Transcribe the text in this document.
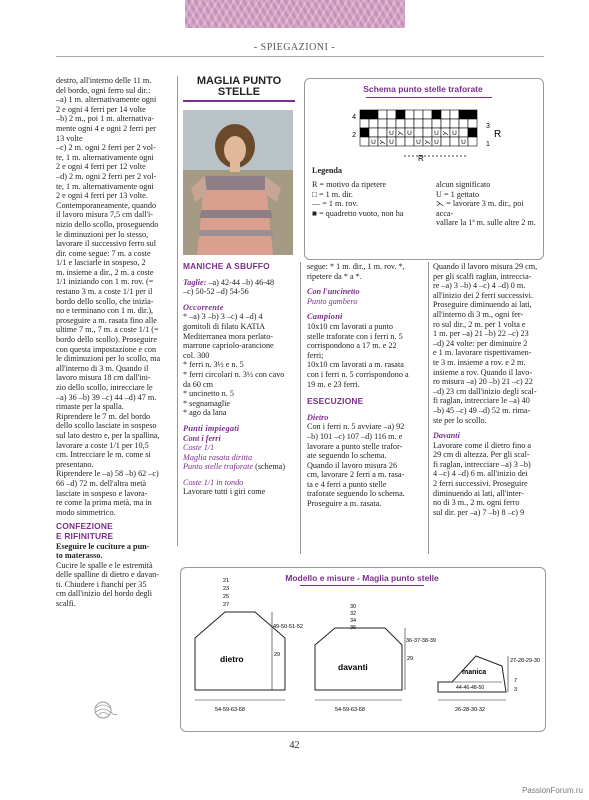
- SPIEGAZIONI -
destro, all'interno delle 11 m.
del bordo, ogni ferro sul dir.:
–a) 1 m. alternativamente ogni
2 e ogni 4 ferri per 14 volte
–b) 2 m., poi 1 m. alternativa-
mente ogni 4 e ogni 2 ferri per
13 volte
–c) 2 m. ogni 2 ferri per 2 vol-
te, 1 m. alternativamente ogni
2 e ogni 4 ferri per 12 volte
–d) 2 m. ogni 2 ferri per 2 vol-
te, 1 m. alternativamente ogni
2 e ogni 4 ferri per 13 volte.
Contemporaneamente, quando
il lavoro misura 7,5 cm dall'i-
nizio dello scollo, proseguendo
le diminuzioni per lo stesso,
lavorare il successivo ferro sul
dir. come segue: 7 m. a coste
1/1 e lasciarle in sospeso, 2
m. insieme a dir., 2 m. a coste
1/1 iniziando con 1 m. rov. (=
restano 3 m. a coste 1/1 per il
bordo dello scollo, che inizia-
no e terminano con 1 m. dir.),
proseguire a m. rasata fino alle
ultime 7 m., 7 m. a coste 1/1 (=
bordo dello scollo). Proseguire
con questa impostazione e con
le diminuzioni per lo scollo, ma
all'interno di 3 m. Quando il
lavoro misura 18 cm dall'ini-
zio dello scollo, intrecciare le
–a) 36 –b) 39 –c) 44 –d) 47 m.
rimaste per la spalla.
Riprendere le 7 m. del bordo
dello scollo lasciate in sospeso
sul lato destro e, per la spallina,
lavorare a coste 1/1 per 10,5
cm. Intrecciare le m. come si
presentano.
Riprendere le –a) 58 –b) 62 –c)
66 –d) 72 m. dell'altra metà
lasciate in sospeso e lavora-
re come la prima metà, ma in
modo simmetrico.
CONFEZIONE
E RIFINITURE
Eseguire le cuciture a pun-
to materasso.
Cucire le spalle e le estremità
delle spalline di dietro e davan-
ti. Chiudere i fianchi per 35
cm dall'inizio del bordo degli
scalfi.
MAGLIA PUNTO
STELLE
MANICHE A SBUFFO
Taglie: –a) 42-44 –b) 46-48
–c) 50-52 –d) 54-56
Occorrente
* –a) 3 –b) 3 –c) 4 –d) 4
gomitoli di filato KATIA
Mediterranea mora perlato-
marrone capriolo-arancione
col. 300
* ferri n. 3½ e n. 5
* ferri circolari n. 3½ con cavo
da 60 cm
* uncinetto n. 5
* segnamaglie
* ago da lana
Punti impiegati
Cont i ferri
Coste 1/1
Maglia rasata diritta
Punto stelle traforate (schema)
Coste 1/1 in tondo
Lavorare tutti i giri come
Schema punto stelle traforate
U ⋋ U	U ⋋ U
U ⋋ U	U ⋋ U	U
4
2
3
1
R
R
Legenda
R = motivo da ripetere
□ = 1 m. dir.
— = 1 m. rov.
■ = quadretto vuoto, non ha
alcun significato
U = 1 gettato
⋋ = lavorare 3 m. dir., poi acca-
vallare la 1ª m. sulle altre 2 m.
segue: * 1 m. dir., 1 m. rov. *,
ripetere da * a *.
Con l'uncinetto
Punto gambero
Campioni
10x10 cm lavorati a punto
stelle traforate con i ferri n. 5
corrispondono a 17 m. e 22
ferri;
10x10 cm lavorati a m. rasata
con i ferri n. 5 corrispondono a
19 m. e 23 ferri.
ESECUZIONE
Dietro
Con i ferri n. 5 avviare –a) 92
–b) 101 –c) 107 –d) 116 m. e
lavorare a punto stelle trafor-
ate seguendo lo schema.
Quando il lavoro misura 26
cm, lavorare 2 ferri a m. rasa-
ta e 4 ferri a punto stelle
traforate seguendo lo schema.
Proseguire a m. rasata.
Quando il lavoro misura 29 cm,
per gli scalfi raglan, intreccia-
re –a) 3 –b) 4 –c) 4 –d) 0 m.
all'inizio dei 2 ferri successivi.
Proseguire diminuendo ai lati,
all'interno di 3 m., ogni fer-
ro sul dir., 2 m. per 1 volta e
1 m. per –a) 21 –b) 22 –c) 23
–d) 24 volte: per diminuire 2
e 1 m. lavorare rispettivamen-
te 3 m. insieme a rov. e 2 m.
insieme a rov. Quando il lavo-
ro misura –a) 20 –b) 21 –c) 22
–d) 23 cm dall'inizio degli scal-
fi raglan, intrecciare le –a) 40
–b) 45 –c) 49 –d) 52 m. rima-
ste per lo scollo.
Davanti
Lavorare come il dietro fino a
29 cm di altezza. Per gli scal-
fi raglan, intrecciare –a) 3 –b)
4 –c) 4 –d) 6 m. all'inizio dei
2 ferri successivi. Proseguire
diminuendo ai lati, all'inter-
no di 3 m., 2 m. ogni ferro
sul dir. per –a) 7 –b) 8 –c) 9
Modello e misure - Maglia punto stelle
dietro
21
23
25
27
49-50-51-52
29
54-59-63-68
davanti
30
32
34
36
36-37-38-39
29
54-59-63-68
manica
27-28-29-30
44-46-48-50
7
3
26-28-30-32
42
PassionForum.ru
